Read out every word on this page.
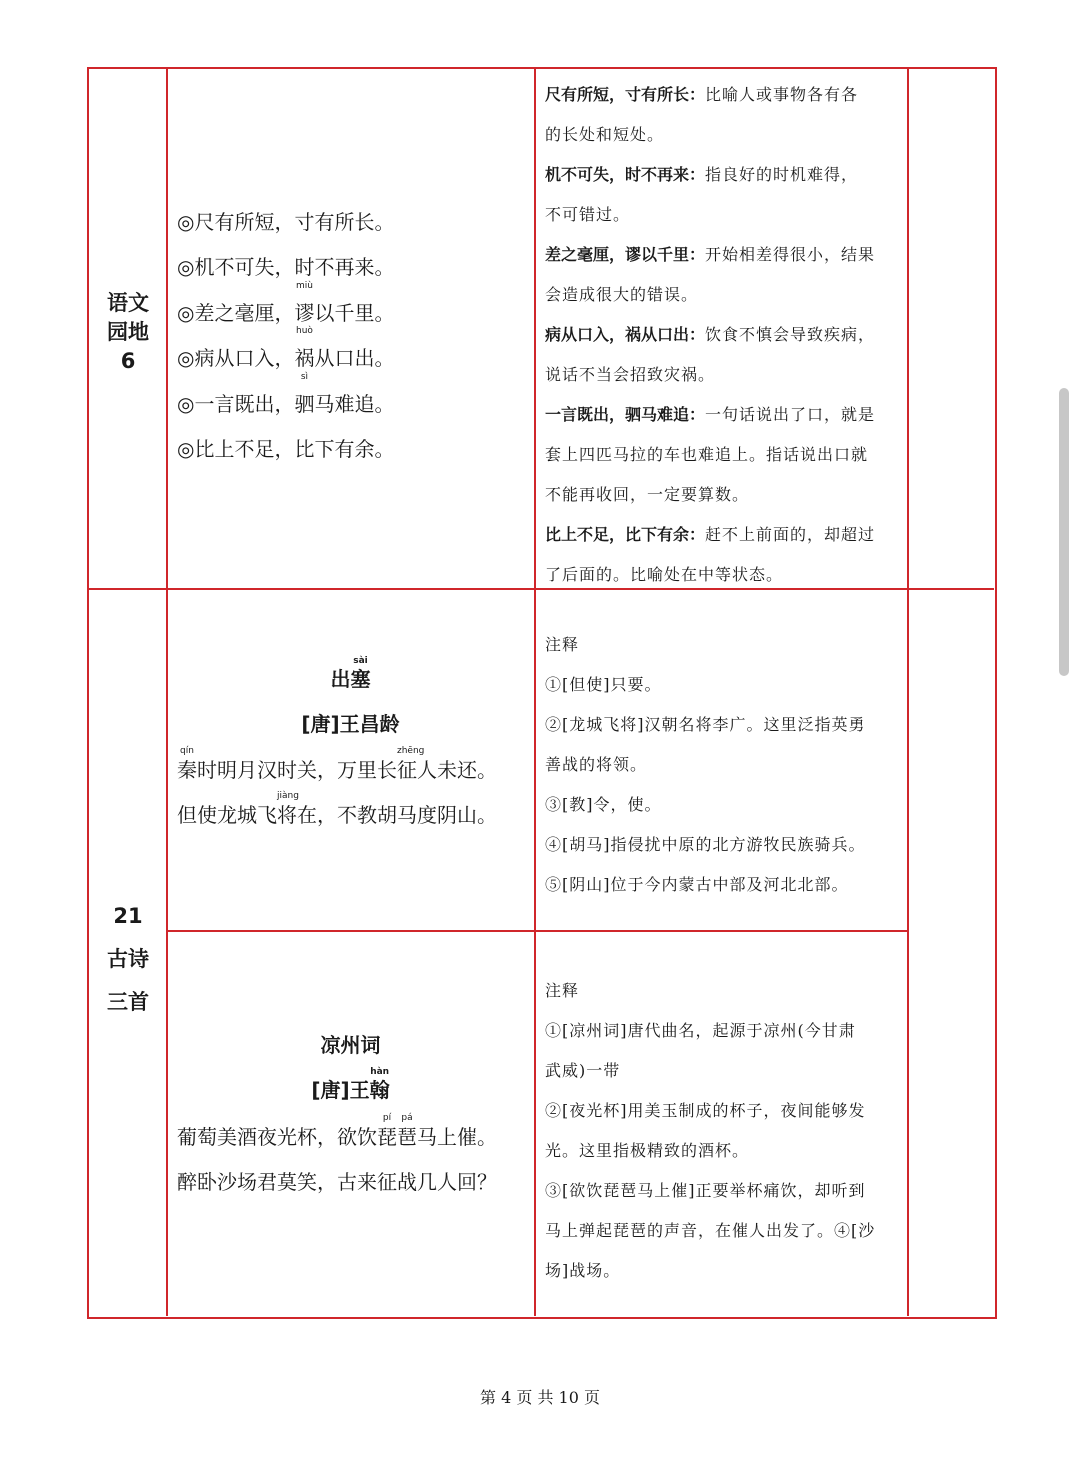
语文
园地
6
◎尺有所短，寸有所长。
◎机不可失，时不再来。
◎差之毫厘，
miù
谬以千里。
◎病从口入，
huò
祸从口出。
◎一言既出，
sì
驷马难追。
◎比上不足，比下有余。
尺有所短，寸有所长：比喻人或事物各有各
的长处和短处。
机不可失，时不再来：指良好的时机难得，
不可错过。
差之毫厘，谬以千里：开始相差得很小，结果
会造成很大的错误。
病从口入，祸从口出：饮食不慎会导致疾病，
说话不当会招致灾祸。
一言既出，驷马难追：一句话说出了口，就是
套上四匹马拉的车也难追上。指话说出口就
不能再收回，一定要算数。
比上不足，比下有余：赶不上前面的，却超过
了后面的。比喻处在中等状态。
21
古诗
三首
出
sài
塞
[唐]王昌龄
qín
秦时明月汉时关，万里长
zhēng
征人未还。
但使龙城飞
jiàng
将在，不教胡马度阴山。
注释
①[但使]只要。
②[龙城飞将]汉朝名将李广。这里泛指英勇
善战的将领。
③[教]令，使。
④[胡马]指侵扰中原的北方游牧民族骑兵。
⑤[阴山]位于今内蒙古中部及河北北部。
凉州词
[唐]王
hàn
翰
葡萄美酒夜光杯，欲饮
pí
琵
pá
琶马上催。
醉卧沙场君莫笑，古来征战几人回？
注释
①[凉州词]唐代曲名，起源于凉州(今甘肃
武威)一带
②[夜光杯]用美玉制成的杯子，夜间能够发
光。这里指极精致的酒杯。
③[欲饮琵琶马上催]正要举杯痛饮，却听到
马上弹起琵琶的声音，在催人出发了。④[沙
场]战场。
第 4 页 共 10 页
